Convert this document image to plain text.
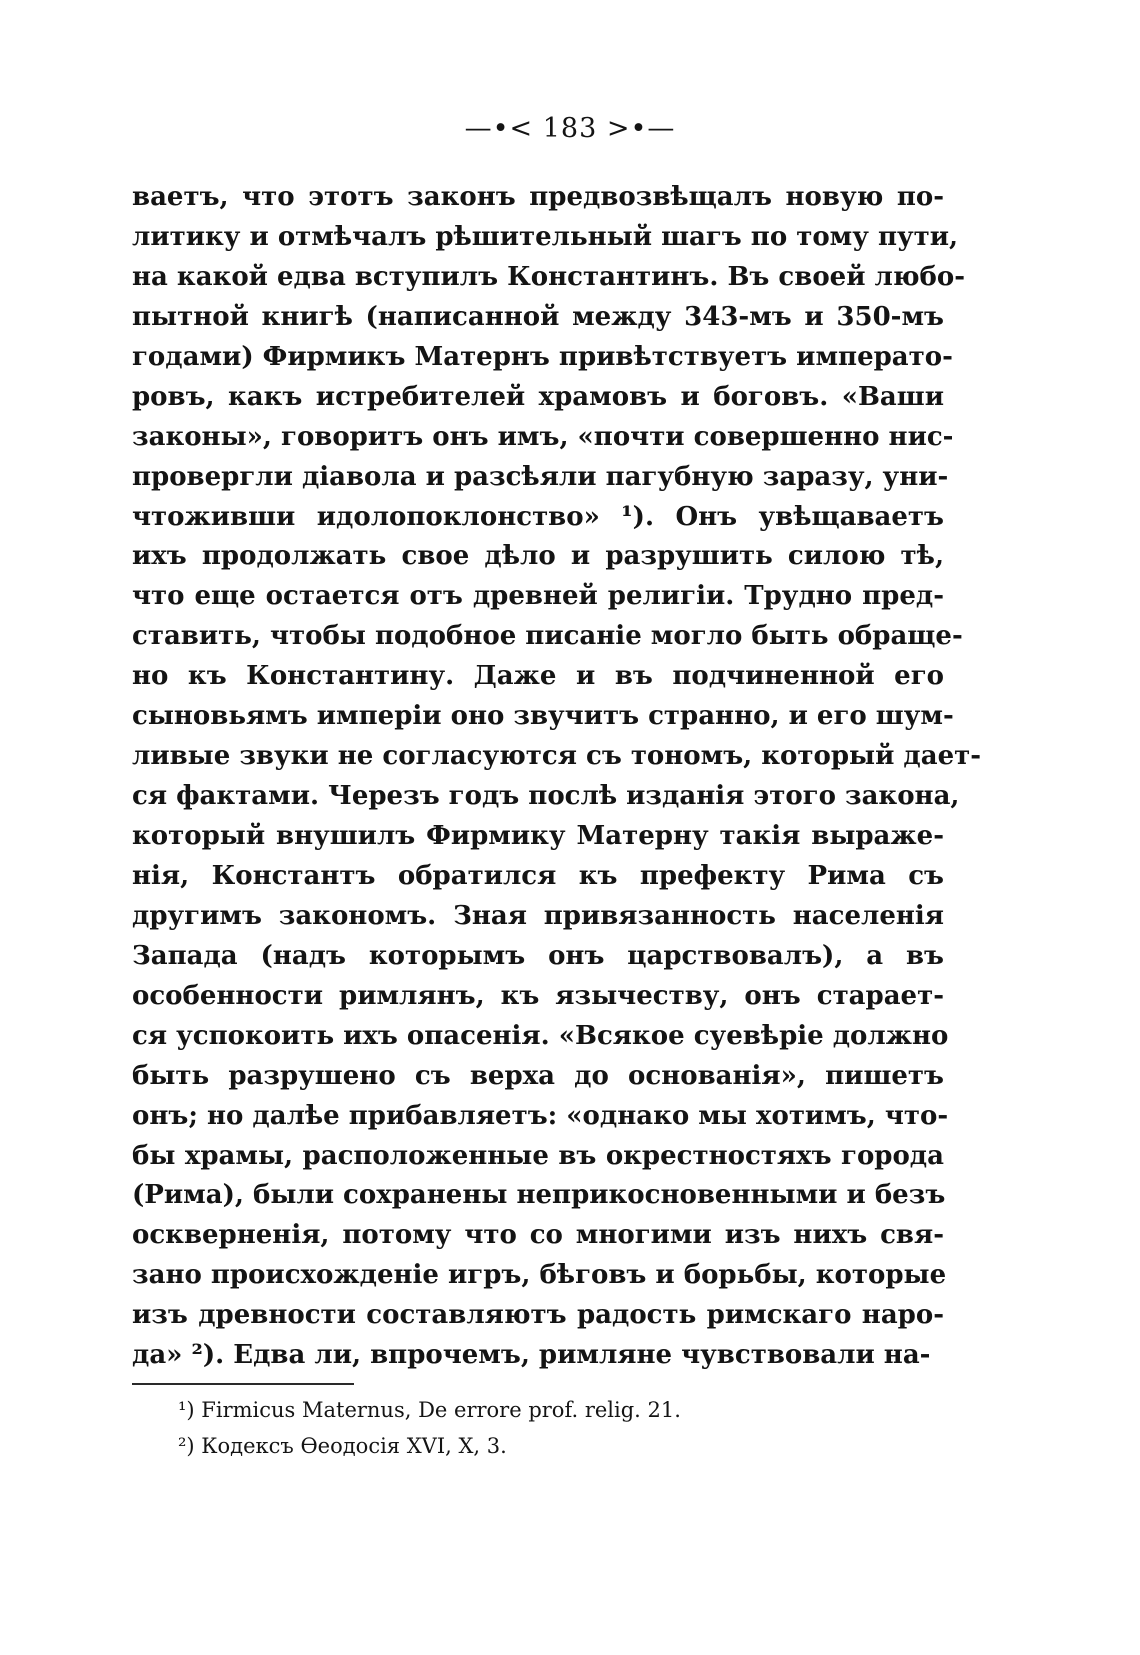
—•< 183 >•—
ваетъ, что этотъ законъ предвозвѣщалъ новую по-
литику и отмѣчалъ рѣшительный шагъ по тому пути,
на какой едва вступилъ Константинъ. Въ своей любо-
пытной книгѣ (написанной между 343-мъ и 350-мъ
годами) Фирмикъ Матернъ привѣтствуетъ императо-
ровъ, какъ истребителей храмовъ и боговъ. «Ваши
законы», говоритъ онъ имъ, «почти совершенно нис-
провергли діавола и разсѣяли пагубную заразу, уни-
чтоживши идолопоклонство» ¹). Онъ увѣщаваетъ
ихъ продолжать свое дѣло и разрушить силою тѣ,
что еще остается отъ древней религіи. Трудно пред-
ставить, чтобы подобное писаніе могло быть обраще-
но къ Константину. Даже и въ подчиненной его
сыновьямъ имперіи оно звучитъ странно, и его шум-
ливые звуки не согласуются съ тономъ, который дает-
ся фактами. Черезъ годъ послѣ изданія этого закона,
который внушилъ Фирмику Матерну такія выраже-
нія, Константъ обратился къ префекту Рима съ
другимъ закономъ. Зная привязанность населенія
Запада (надъ которымъ онъ царствовалъ), а въ
особенности римлянъ, къ язычеству, онъ старает-
ся успокоить ихъ опасенія. «Всякое суевѣріе должно
быть разрушено съ верха до основанія», пишетъ
онъ; но далѣе прибавляетъ: «однако мы хотимъ, что-
бы храмы, расположенные въ окрестностяхъ города
(Рима), были сохранены неприкосновенными и безъ
оскверненія, потому что со многими изъ нихъ свя-
зано происхожденіе игръ, бѣговъ и борьбы, которые
изъ древности составляютъ радость римскаго наро-
да» ²). Едва ли, впрочемъ, римляне чувствовали на-
¹) Firmicus Maternus, De errore prof. relig. 21.
²) Кодексъ Ѳеодосія XVI, X, 3.
